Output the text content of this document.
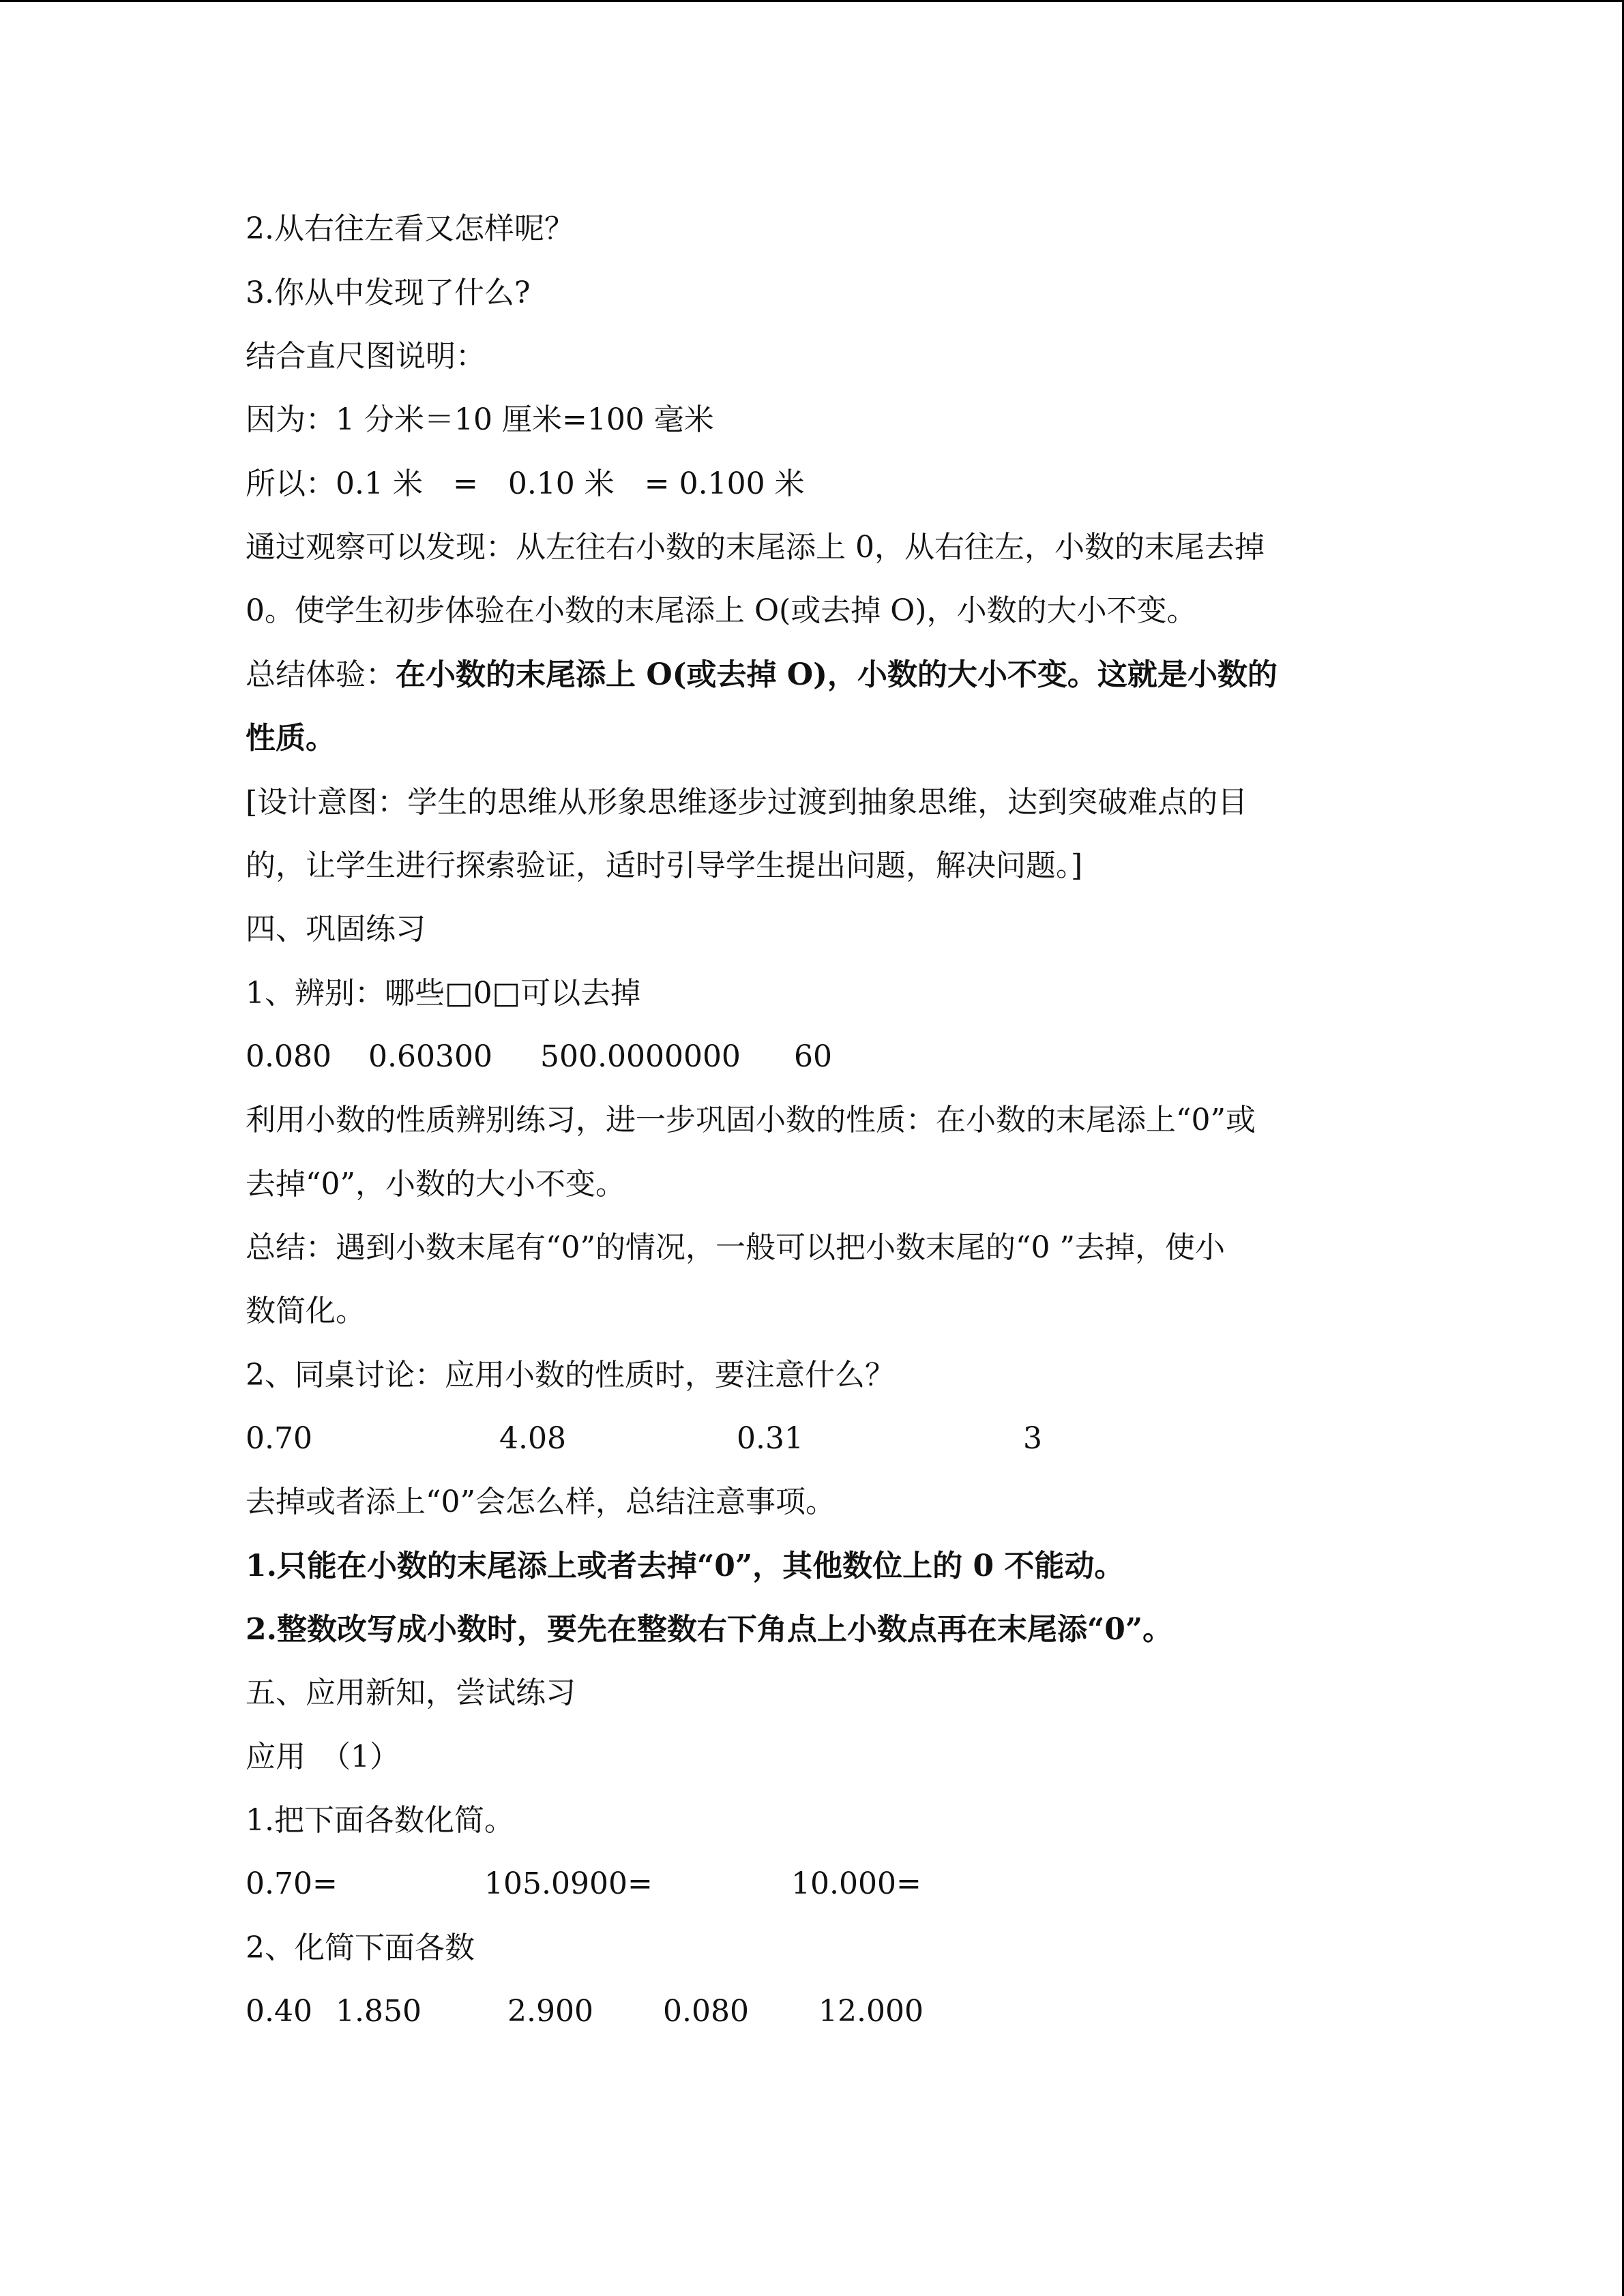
2.从右往左看又怎样呢？
3.你从中发现了什么?
结合直尺图说明：
因为：1 分米＝10 厘米=100 毫米
所以：0.1 米　=　0.10 米　= 0.100 米
通过观察可以发现：从左往右小数的末尾添上 0，从右往左，小数的末尾去掉
0。使学生初步体验在小数的末尾添上 O(或去掉 O)，小数的大小不变。
总结体验：在小数的末尾添上 O(或去掉 O)，小数的大小不变。这就是小数的
性质。
[设计意图：学生的思维从形象思维逐步过渡到抽象思维，达到突破难点的目
的，让学生进行探索验证，适时引导学生提出问题，解决问题。]
四、巩固练习
1、辨别：哪些□0□可以去掉
0.080 0.60300 500.0000000 60
利用小数的性质辨别练习，进一步巩固小数的性质：在小数的末尾添上“0”或
去掉“0”，小数的大小不变。
总结：遇到小数末尾有“0”的情况，一般可以把小数末尾的“0 ”去掉，使小
数简化。
2、同桌讨论：应用小数的性质时，要注意什么？
0.70	4.08	0.31	3
去掉或者添上“0”会怎么样，总结注意事项。
1.只能在小数的末尾添上或者去掉“0”，其他数位上的 0 不能动。
2.整数改写成小数时，要先在整数右下角点上小数点再在末尾添“0”。
五、应用新知，尝试练习
应用　（1）
1.把下面各数化简。
0.70=	105.0900=	10.000=
2、化简下面各数
0.40 1.850	2.900 0.080 12.000
